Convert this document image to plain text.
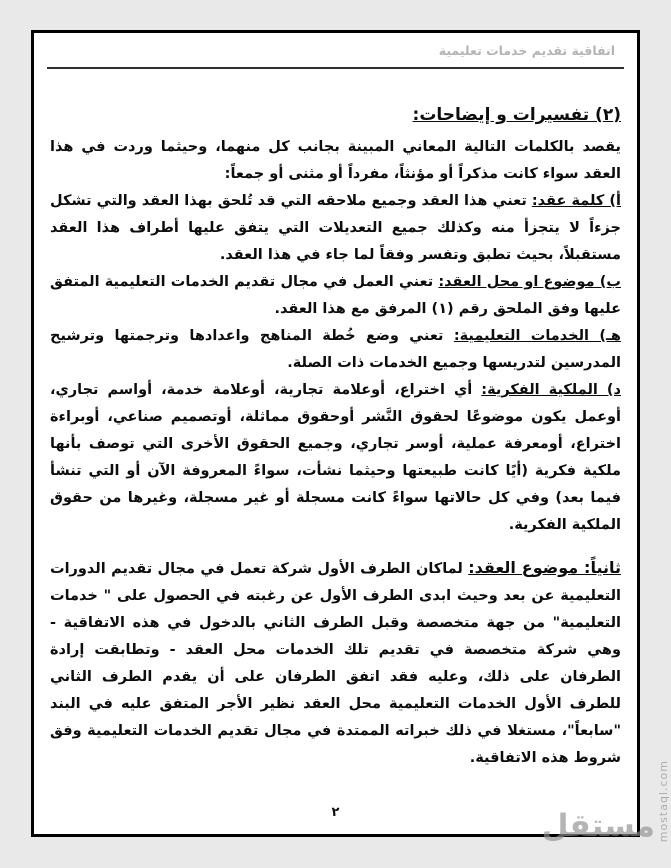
اتفاقية تقديم خدمات تعليمية
(٢) تفسيرات و إيضاحات:

يقصد بالكلمات التالية المعاني المبينة بجانب كل منهما، وحيثما وردت في هذا العقد سواء كانت مذكراً أو مؤنثاً، مفرداً أو مثنى أو جمعاً:

أ) كلمة عقد: تعني هذا العقد وجميع ملاحقه التي قد تُلحق بهذا العقد والتي تشكل جزءاً لا يتجزأ منه وكذلك جميع التعديلات التي يتفق عليها أطراف هذا العقد مستقبلاً، بحيث تطبق وتفسر وفقاً لما جاء في هذا العقد.

ب) موضوع او محل العقد: تعني العمل في مجال تقديم الخدمات التعليمية المتفق عليها وفق الملحق رقم (١) المرفق مع هذا العقد.

هـ) الخدمات التعليمية: تعني وضع خُطة المناهج واعدادها وترجمتها وترشيح المدرسين لتدريسها وجميع الخدمات ذات الصلة.

د) الملكية الفكرية: أي اختراع، أوعلامة تجارية، أوعلامة خدمة، أواسم تجاري، أوعمل يكون موضوعًا لحقوق النَّشر أوحقوق مماثلة، أوتصميم صناعي، أوبراءة اختراع، أومعرفة عملية، أوسر تجاري، وجميع الحقوق الأخرى التي توصف بأنها ملكية فكرية (أيًا كانت طبيعتها وحيثما نشأت، سواءً المعروفة الآن أو التي تنشأ فيما بعد) وفي كل حالاتها سواءً كانت مسجلة أو غير مسجلة، وغيرها من حقوق الملكية الفكرية.

ثانياً: موضوع العقد: لماكان الطرف الأول شركة تعمل في مجال تقديم الدورات التعليمية عن بعد وحيث ابدى الطرف الأول عن رغبته في الحصول على " خدمات التعليمية" من جهة متخصصة وقبل الطرف الثاني بالدخول في هذه الاتفاقية - وهي شركة متخصصة في تقديم تلك الخدمات محل العقد - وتطابقت إرادة الطرفان على ذلك، وعليه فقد اتفق الطرفان على أن يقدم الطرف الثاني للطرف الأول الخدمات التعليمية محل العقد نظير الأجر المتفق عليه في البند "سابعاً"، مستغلا في ذلك خبراته الممتدة في مجال تقديم الخدمات التعليمية وفق شروط هذه الاتفاقية.

٢	مستقل mostaql.com
